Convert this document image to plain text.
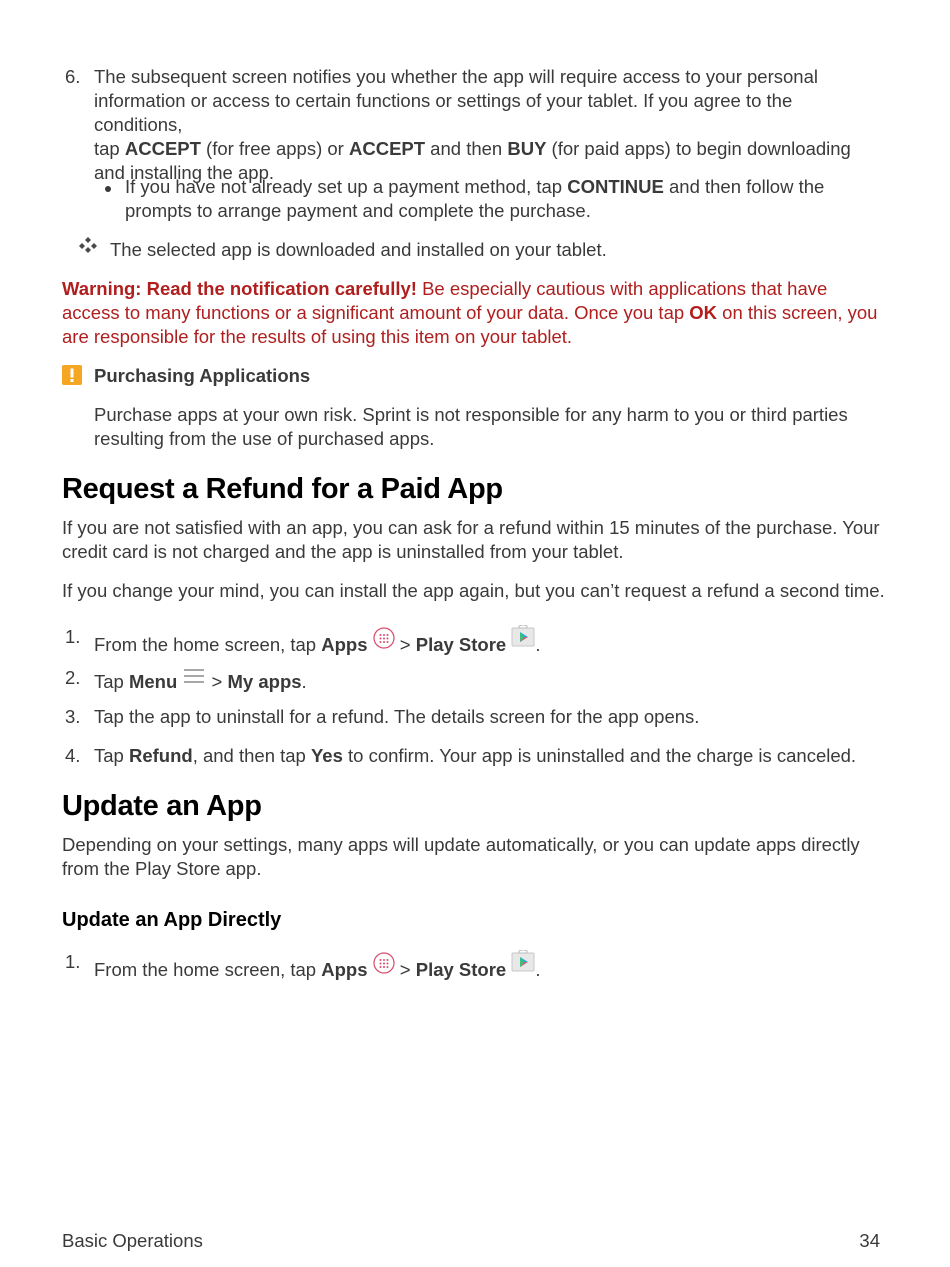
6. The subsequent screen notifies you whether the app will require access to your personal
information or access to certain functions or settings of your tablet. If you agree to the conditions,
tap ACCEPT (for free apps) or ACCEPT and then BUY (for paid apps) to begin downloading
and installing the app.
If you have not already set up a payment method, tap CONTINUE and then follow the
prompts to arrange payment and complete the purchase.
The selected app is downloaded and installed on your tablet.
Warning: Read the notification carefully! Be especially cautious with applications that have
access to many functions or a significant amount of your data. Once you tap OK on this screen, you
are responsible for the results of using this item on your tablet.
Purchasing Applications
Purchase apps at your own risk. Sprint is not responsible for any harm to you or third parties
resulting from the use of purchased apps.
Request a Refund for a Paid App
If you are not satisfied with an app, you can ask for a refund within 15 minutes of the purchase. Your
credit card is not charged and the app is uninstalled from your tablet.
If you change your mind, you can install the app again, but you can’t request a refund a second time.
1. From the home screen, tap Apps  > Play Store .
2. Tap Menu  > My apps.
3. Tap the app to uninstall for a refund. The details screen for the app opens.
4. Tap Refund, and then tap Yes to confirm. Your app is uninstalled and the charge is canceled.
Update an App
Depending on your settings, many apps will update automatically, or you can update apps directly
from the Play Store app.
Update an App Directly
1. From the home screen, tap Apps  > Play Store .
Basic Operations	34
